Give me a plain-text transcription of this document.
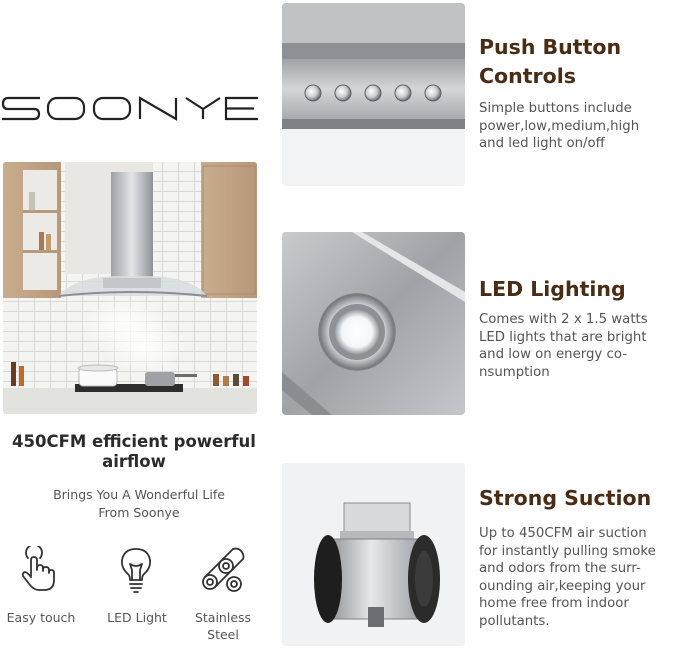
450CFM efficient powerful
airflow
Brings You A Wonderful Life
From Soonye
Easy touch	LED Light	Stainless
Steel
Push Button
Controls
Simple buttons include
power,low,medium,high
and led light on/off
LED Lighting
Comes with 2 x 1.5 watts
LED lights that are bright
and low on energy co-
nsumption
Strong Suction
Up to 450CFM air suction
for instantly pulling smoke
and odors from the surr-
ounding air,keeping your
home free from indoor
pollutants.
